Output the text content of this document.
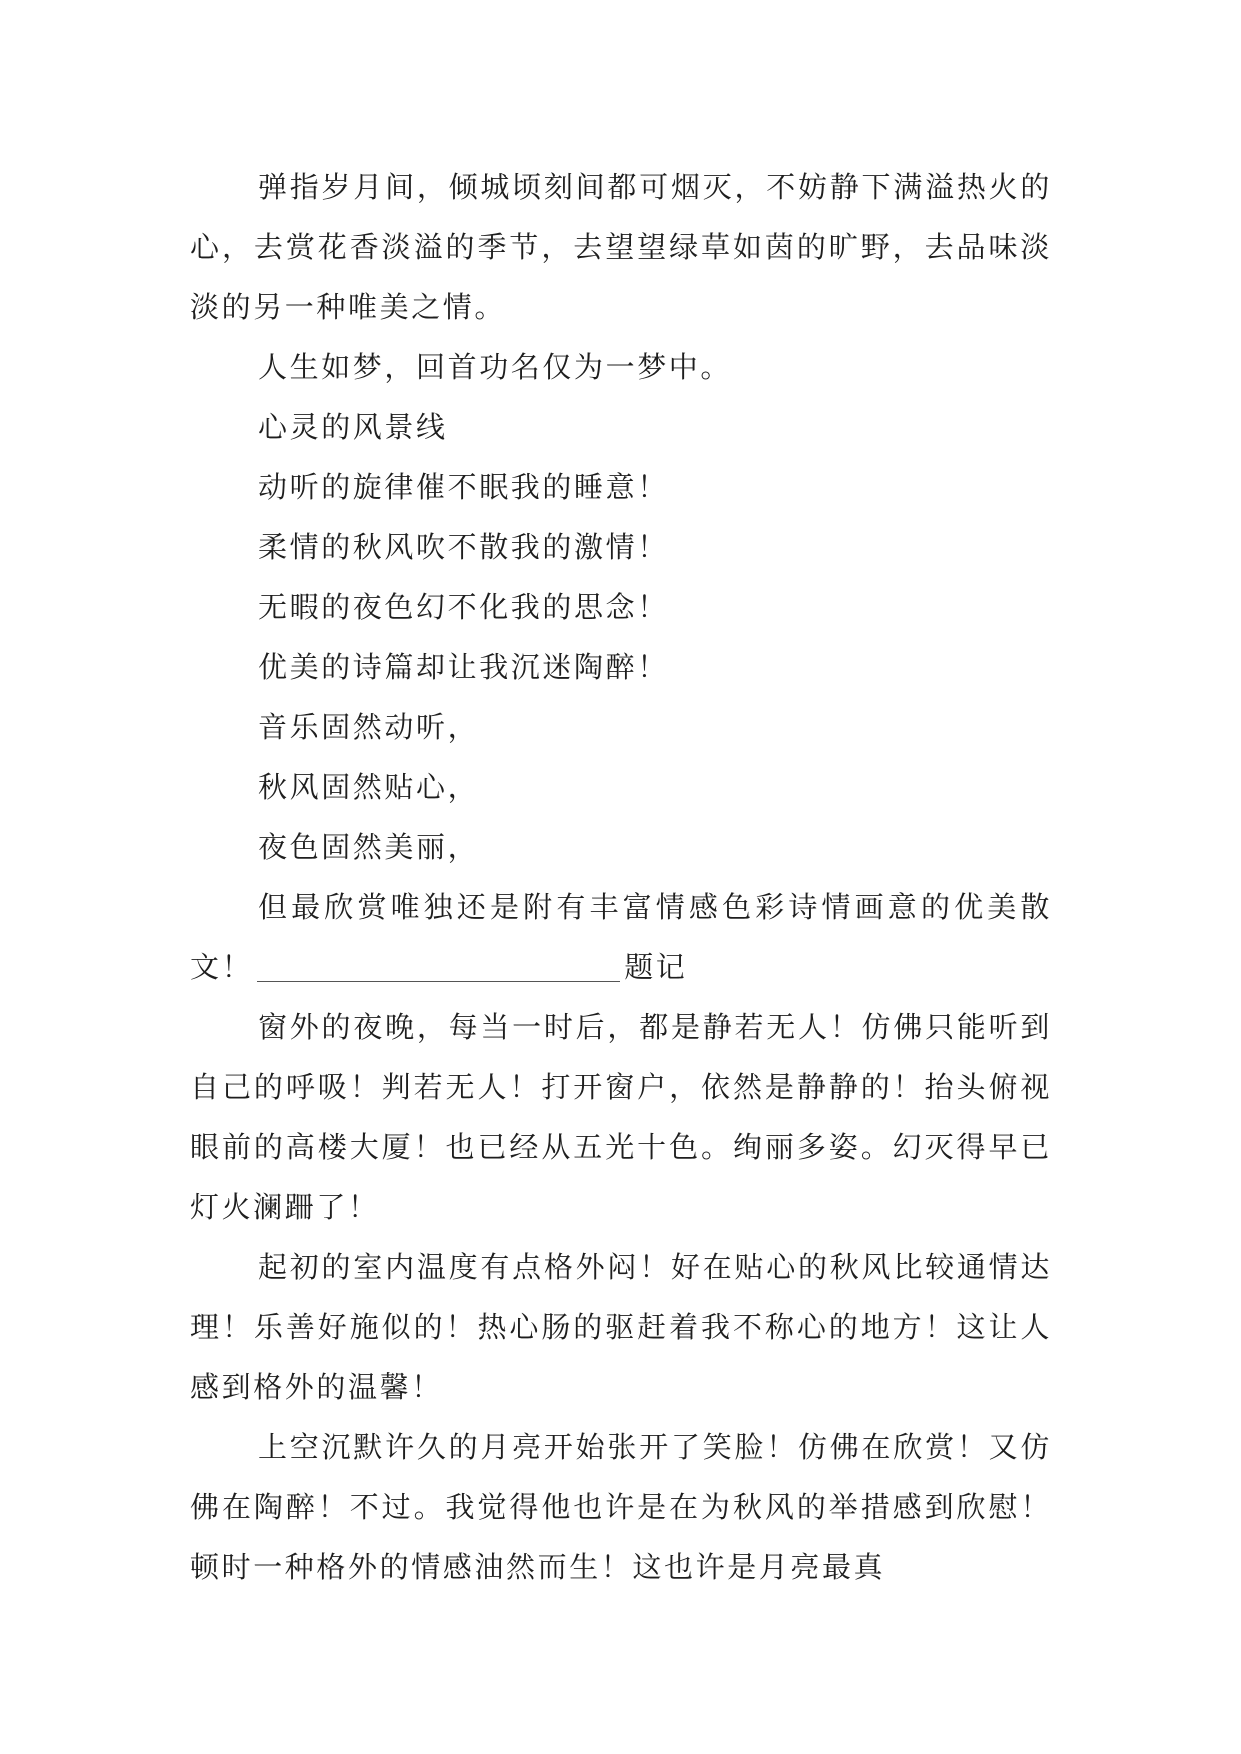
弹指岁月间，倾城顷刻间都可烟灭，不妨静下满溢热火的心，去赏花香淡溢的季节，去望望绿草如茵的旷野，去品味淡淡的另一种唯美之情。

人生如梦，回首功名仅为一梦中。

心灵的风景线

动听的旋律催不眠我的睡意！

柔情的秋风吹不散我的激情！

无暇的夜色幻不化我的思念！

优美的诗篇却让我沉迷陶醉！

音乐固然动听，

秋风固然贴心，

夜色固然美丽，

但最欣赏唯独还是附有丰富情感色彩诗情画意的优美散文！	题记

窗外的夜晚，每当一时后，都是静若无人！仿佛只能听到自己的呼吸！判若无人！打开窗户，依然是静静的！抬头俯视眼前的高楼大厦！也已经从五光十色。绚丽多姿。幻灭得早已灯火澜跚了！

起初的室内温度有点格外闷！好在贴心的秋风比较通情达理！乐善好施似的！热心肠的驱赶着我不称心的地方！这让人感到格外的温馨！

上空沉默许久的月亮开始张开了笑脸！仿佛在欣赏！又仿佛在陶醉！不过。我觉得他也许是在为秋风的举措感到欣慰！顿时一种格外的情感油然而生！这也许是月亮最真
